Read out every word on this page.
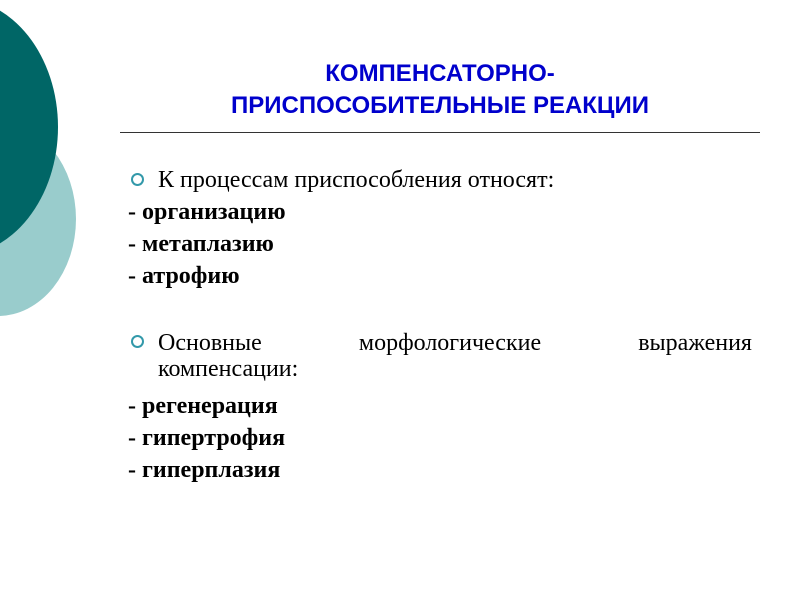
КОМПЕНСАТОРНО-
ПРИСПОСОБИТЕЛЬНЫЕ РЕАКЦИИ
К процессам приспособления относят:
- организацию
- метаплазию
- атрофию
Основные	морфологические	выражения
компенсации:
- регенерация
- гипертрофия
- гиперплазия
